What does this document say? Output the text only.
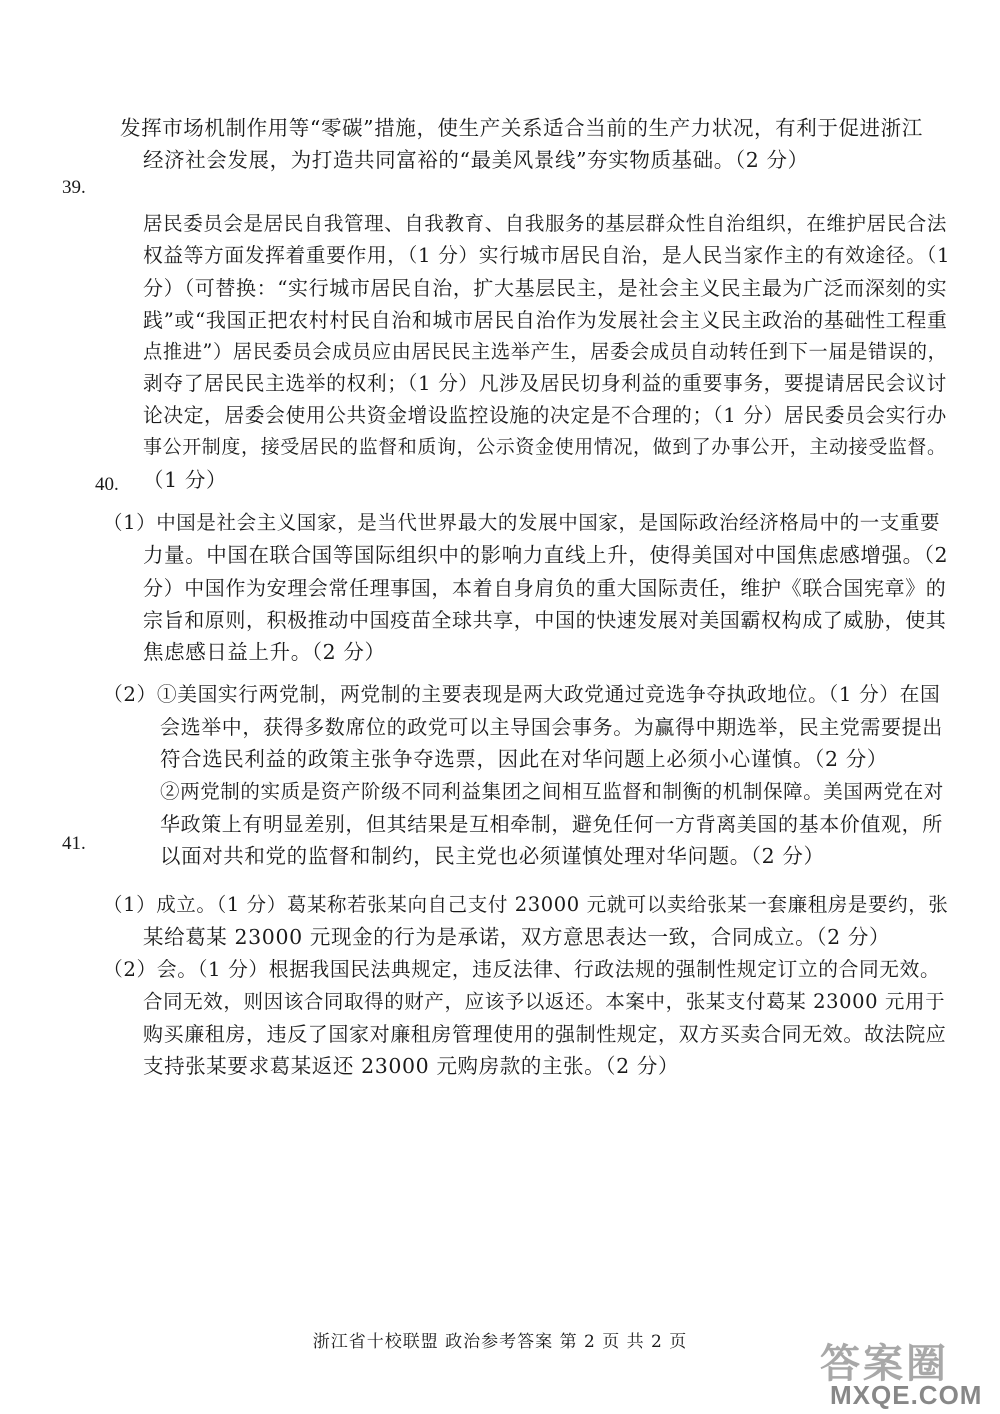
发挥市场机制作用等“零碳”措施，使生产关系适合当前的生产力状况，有利于促进浙江
经济社会发展，为打造共同富裕的“最美风景线”夯实物质基础。（2 分）
居民委员会是居民自我管理、自我教育、自我服务的基层群众性自治组织，在维护居民合法
权益等方面发挥着重要作用，（1 分）实行城市居民自治，是人民当家作主的有效途径。（1
分）（可替换：“实行城市居民自治，扩大基层民主，是社会主义民主最为广泛而深刻的实
践”或“我国正把农村村民自治和城市居民自治作为发展社会主义民主政治的基础性工程重
点推进”）居民委员会成员应由居民民主选举产生，居委会成员自动转任到下一届是错误的，
剥夺了居民民主选举的权利；（1 分）凡涉及居民切身利益的重要事务，要提请居民会议讨
论决定，居委会使用公共资金增设监控设施的决定是不合理的；（1 分）居民委员会实行办
事公开制度，接受居民的监督和质询，公示资金使用情况，做到了办事公开，主动接受监督。
（1 分）
（1）中国是社会主义国家，是当代世界最大的发展中国家，是国际政治经济格局中的一支重要
力量。中国在联合国等国际组织中的影响力直线上升，使得美国对中国焦虑感增强。（2
分）中国作为安理会常任理事国，本着自身肩负的重大国际责任，维护《联合国宪章》的
宗旨和原则，积极推动中国疫苗全球共享，中国的快速发展对美国霸权构成了威胁，使其
焦虑感日益上升。（2 分）
（2）①美国实行两党制，两党制的主要表现是两大政党通过竞选争夺执政地位。（1 分）在国
会选举中，获得多数席位的政党可以主导国会事务。为赢得中期选举，民主党需要提出
符合选民利益的政策主张争夺选票，因此在对华问题上必须小心谨慎。（2 分）
②两党制的实质是资产阶级不同利益集团之间相互监督和制衡的机制保障。美国两党在对
华政策上有明显差别，但其结果是互相牵制，避免任何一方背离美国的基本价值观，所
以面对共和党的监督和制约，民主党也必须谨慎处理对华问题。（2 分）
（1）成立。（1 分）葛某称若张某向自己支付 23000 元就可以卖给张某一套廉租房是要约，张
某给葛某 23000 元现金的行为是承诺，双方意思表达一致，合同成立。（2 分）
（2）会。（1 分）根据我国民法典规定，违反法律、行政法规的强制性规定订立的合同无效。
合同无效，则因该合同取得的财产，应该予以返还。本案中，张某支付葛某 23000 元用于
购买廉租房，违反了国家对廉租房管理使用的强制性规定，双方买卖合同无效。故法院应
支持张某要求葛某返还 23000 元购房款的主张。（2 分）
39.
40.
41.
浙江省十校联盟 政治参考答案 第 2 页 共 2 页	答案圈
MXQE.COM
